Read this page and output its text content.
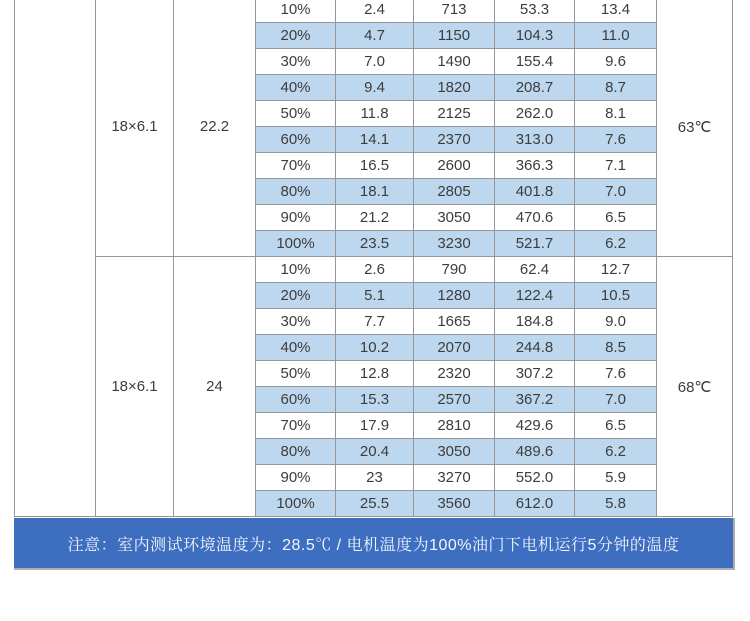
	18×6.1	22.2	10%	2.4	713	53.3	13.4	63℃
			20%	4.7	1150	104.3	11.0	
			30%	7.0	1490	155.4	9.6	
			40%	9.4	1820	208.7	8.7	
			50%	11.8	2125	262.0	8.1	
			60%	14.1	2370	313.0	7.6	
			70%	16.5	2600	366.3	7.1	
			80%	18.1	2805	401.8	7.0	
			90%	21.2	3050	470.6	6.5	
			100%	23.5	3230	521.7	6.2	
	18×6.1	24	10%	2.6	790	62.4	12.7	68℃
			20%	5.1	1280	122.4	10.5	
			30%	7.7	1665	184.8	9.0	
			40%	10.2	2070	244.8	8.5	
			50%	12.8	2320	307.2	7.6	
			60%	15.3	2570	367.2	7.0	
			70%	17.9	2810	429.6	6.5	
			80%	20.4	3050	489.6	6.2	
			90%	23	3270	552.0	5.9	
			100%	25.5	3560	612.0	5.8	
注意：室内测试环境温度为：28.5℃ / 电机温度为100%油门下电机运行5分钟的温度
